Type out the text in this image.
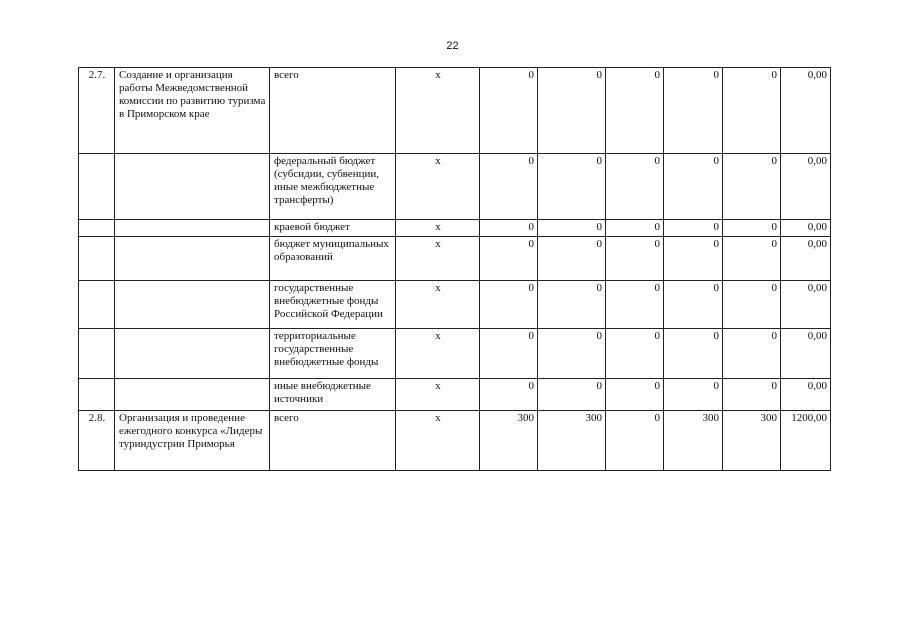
22
2.7.	Создание и организация работы Межведомственной комиссии по развитию туризма в Приморском крае	всего	х	0	0	0	0	0	0,00
		федеральный бюджет (субсидии, субвенции, иные межбюджетные трансферты)	х	0	0	0	0	0	0,00
		краевой бюджет	х	0	0	0	0	0	0,00
		бюджет муниципальных образований	х	0	0	0	0	0	0,00
		государственные внебюджетные фонды Российской Федерации	х	0	0	0	0	0	0,00
		территориальные государственные внебюджетные фонды	х	0	0	0	0	0	0,00
		иные внебюджетные источники	х	0	0	0	0	0	0,00
2.8.	Организация и проведение ежегодного конкурса «Лидеры туриндустрии Приморья	всего	х	300	300	0	300	300	1200,00
